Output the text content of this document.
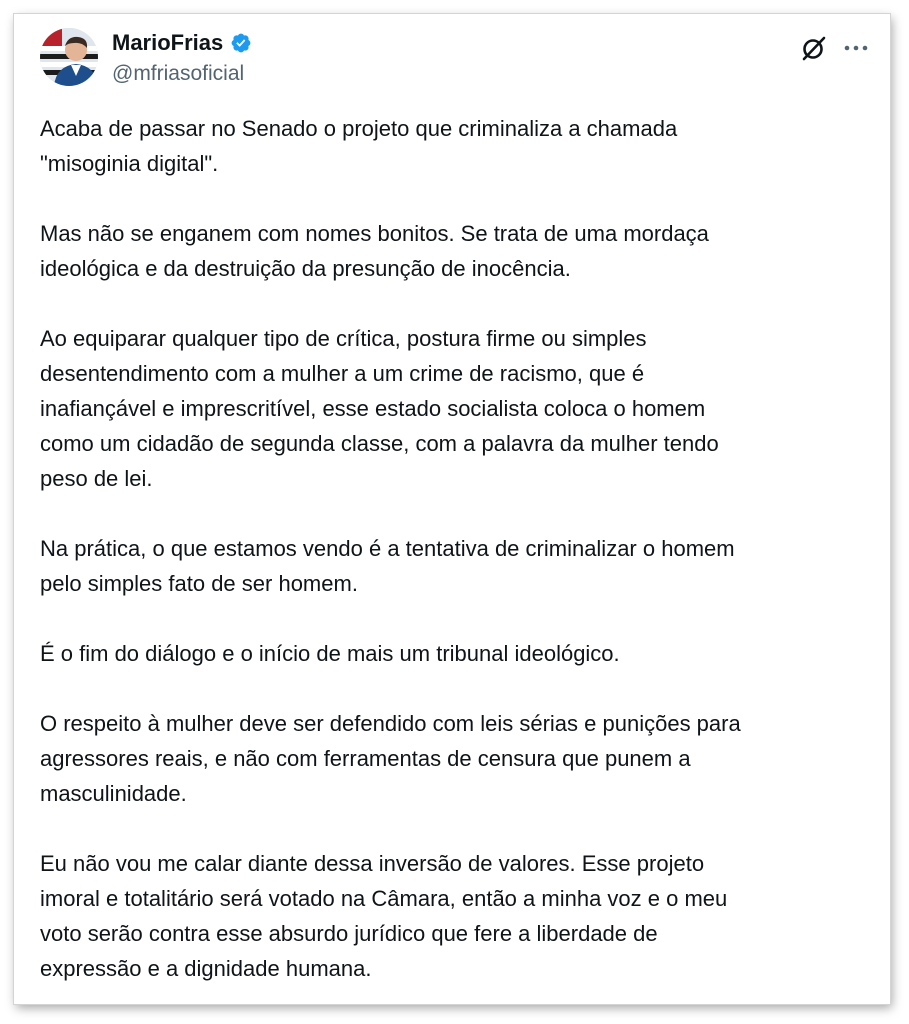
MarioFrias
@mfriasoficial

Acaba de passar no Senado o projeto que criminaliza a chamada
"misoginia digital".

Mas não se enganem com nomes bonitos. Se trata de uma mordaça
ideológica e da destruição da presunção de inocência.

Ao equiparar qualquer tipo de crítica, postura firme ou simples
desentendimento com a mulher a um crime de racismo, que é
inafiançável e imprescritível, esse estado socialista coloca o homem
como um cidadão de segunda classe, com a palavra da mulher tendo
peso de lei.

Na prática, o que estamos vendo é a tentativa de criminalizar o homem
pelo simples fato de ser homem.

É o fim do diálogo e o início de mais um tribunal ideológico.

O respeito à mulher deve ser defendido com leis sérias e punições para
agressores reais, e não com ferramentas de censura que punem a
masculinidade.

Eu não vou me calar diante dessa inversão de valores. Esse projeto
imoral e totalitário será votado na Câmara, então a minha voz e o meu
voto serão contra esse absurdo jurídico que fere a liberdade de
expressão e a dignidade humana.
